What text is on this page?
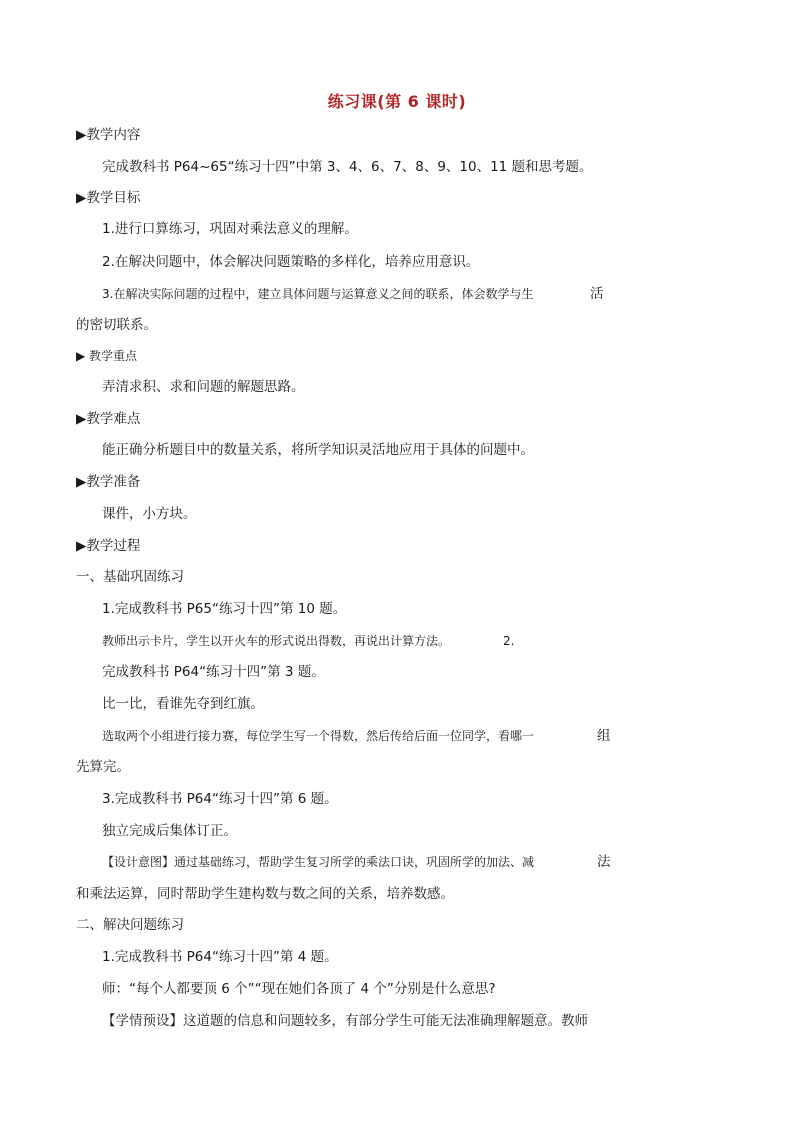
练习课(第 6 课时)
▶教学内容
完成教科书 P64~65“练习十四”中第 3、4、6、7、8、9、10、11 题和思考题。
▶教学目标
1.进行口算练习，巩固对乘法意义的理解。
2.在解决问题中，体会解决问题策略的多样化，培养应用意识。
3.在解决实际问题的过程中，建立具体问题与运算意义之间的联系，体会数学与生	活
的密切联系。
▶ 教学重点
弄清求积、求和问题的解题思路。
▶教学难点
能正确分析题目中的数量关系，将所学知识灵活地应用于具体的问题中。
▶教学准备
课件，小方块。
▶教学过程
一、基础巩固练习
1.完成教科书 P65“练习十四”第 10 题。
教师出示卡片，学生以开火车的形式说出得数，再说出计算方法。	2.
完成教科书 P64“练习十四”第 3 题。
比一比，看谁先夺到红旗。
选取两个小组进行接力赛，每位学生写一个得数，然后传给后面一位同学，看哪一	组
先算完。
3.完成教科书 P64“练习十四”第 6 题。
独立完成后集体订正。
【设计意图】通过基础练习，帮助学生复习所学的乘法口诀，巩固所学的加法、减	法
和乘法运算，同时帮助学生建构数与数之间的关系，培养数感。
二、解决问题练习
1.完成教科书 P64“练习十四”第 4 题。
师：“每个人都要顶 6 个”“现在她们各顶了 4 个”分别是什么意思?
【学情预设】这道题的信息和问题较多，有部分学生可能无法准确理解题意。教师
